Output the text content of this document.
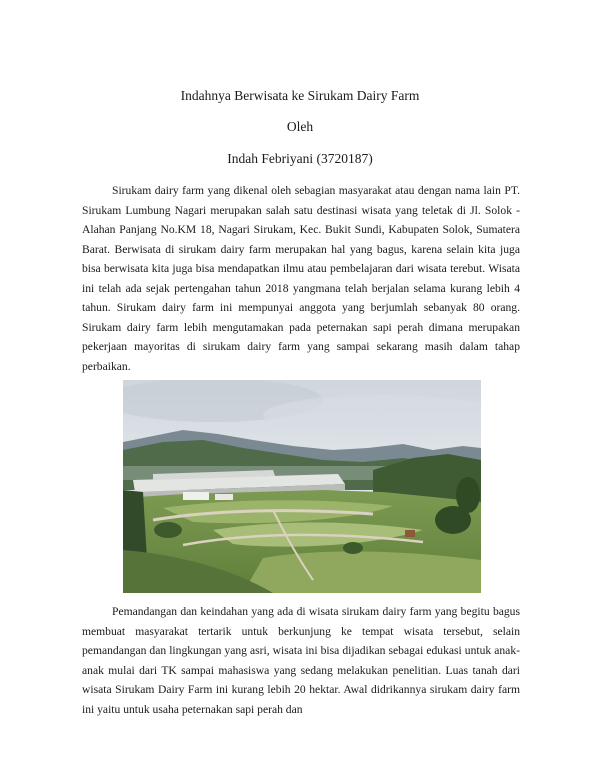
Indahnya Berwisata ke Sirukam Dairy Farm
Oleh
Indah Febriyani (3720187)

Sirukam dairy farm yang dikenal oleh sebagian masyarakat atau dengan nama lain PT. Sirukam Lumbung Nagari merupakan salah satu destinasi wisata yang teletak di Jl. Solok - Alahan Panjang No.KM 18, Nagari Sirukam, Kec. Bukit Sundi, Kabupaten Solok, Sumatera Barat. Berwisata di sirukam dairy farm merupakan hal yang bagus, karena selain kita juga bisa berwisata kita juga bisa mendapatkan ilmu atau pembelajaran dari wisata terebut. Wisata ini telah ada sejak pertengahan tahun 2018 yangmana telah berjalan selama kurang lebih 4 tahun. Sirukam dairy farm ini mempunyai anggota yang berjumlah sebanyak 80 orang. Sirukam dairy farm lebih mengutamakan pada peternakan sapi perah dimana merupakan pekerjaan mayoritas di sirukam dairy farm yang sampai sekarang masih dalam tahap perbaikan.

Pemandangan dan keindahan yang ada di wisata sirukam dairy farm yang begitu bagus membuat masyarakat tertarik untuk berkunjung ke tempat wisata tersebut, selain pemandangan dan lingkungan yang asri, wisata ini bisa dijadikan sebagai edukasi untuk anak-anak mulai dari TK sampai mahasiswa yang sedang melakukan penelitian. Luas tanah dari wisata Sirukam Dairy Farm ini kurang lebih 20 hektar. Awal didrikannya sirukam dairy farm ini yaitu untuk usaha peternakan sapi perah dan
